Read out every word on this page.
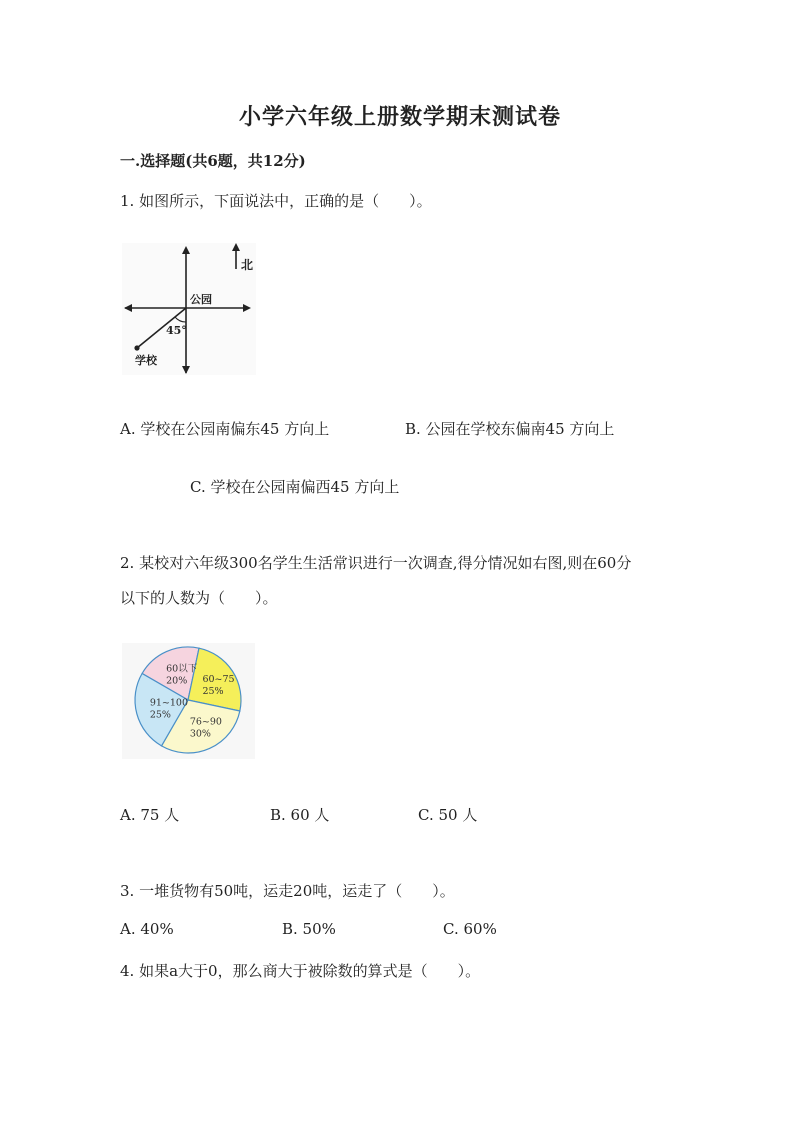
小学六年级上册数学期末测试卷
一.选择题(共6题，共12分)
1. 如图所示，下面说法中，正确的是（　　）。
北
公园
45°
学校
A. 学校在公园南偏东45 方向上	B. 公园在学校东偏南45 方向上
C. 学校在公园南偏西45 方向上
2. 某校对六年级300名学生生活常识进行一次调查,得分情况如右图,则在60分
以下的人数为（　　）。
60以下
20% 60~75
25%
76~90
30%
91~100
25%
A. 75 人	B. 60 人	C. 50 人
3. 一堆货物有50吨，运走20吨，运走了（　　）。
A. 40%	B. 50%	C. 60%
4. 如果a大于0，那么商大于被除数的算式是（　　）。
